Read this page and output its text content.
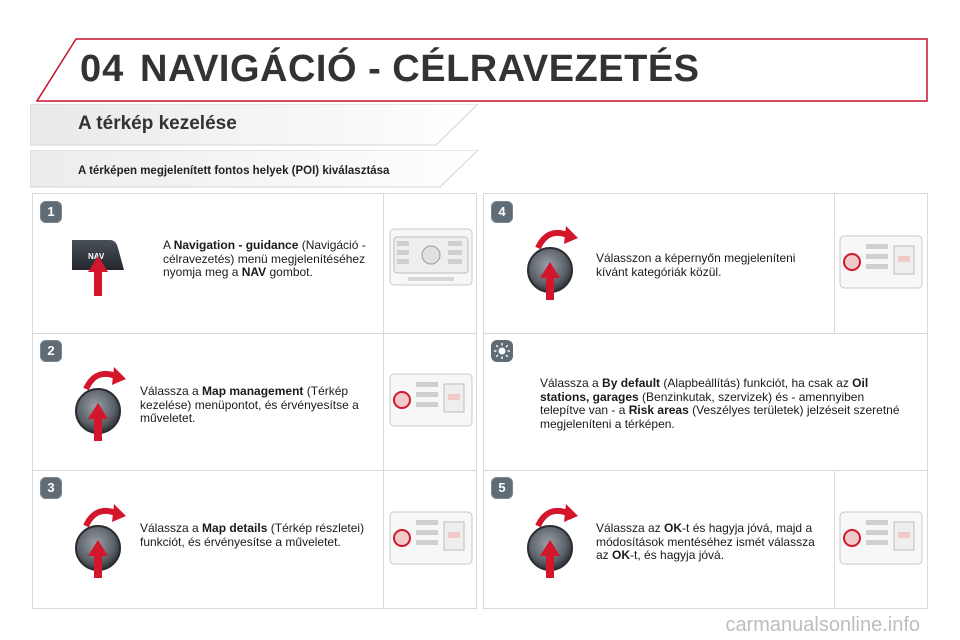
04 NAVIGÁCIÓ - CÉLRAVEZETÉS
A térkép kezelése
A térképen megjelenített fontos helyek (POI) kiválasztása
1
NAV
A Navigation - guidance (Navigáció - célravezetés) menü megjelenítéséhez nyomja meg a NAV gombot.
2
Válassza a Map management (Térkép kezelése) menüpontot, és érvényesítse a műveletet.
3
Válassza a Map details (Térkép részletei) funkciót, és érvényesítse a műveletet.
4
Válasszon a képernyőn megjeleníteni kívánt kategóriák közül.
Válassza a By default (Alapbeállítás) funkciót, ha csak az Oil stations, garages (Benzinkutak, szervizek) és - amennyiben telepítve van - a Risk areas (Veszélyes területek) jelzéseit szeretné megjeleníteni a térképen.
5
Válassza az OK-t és hagyja jóvá, majd a módosítások mentéséhez ismét válassza az OK-t, és hagyja jóvá.
carmanualsonline.info
